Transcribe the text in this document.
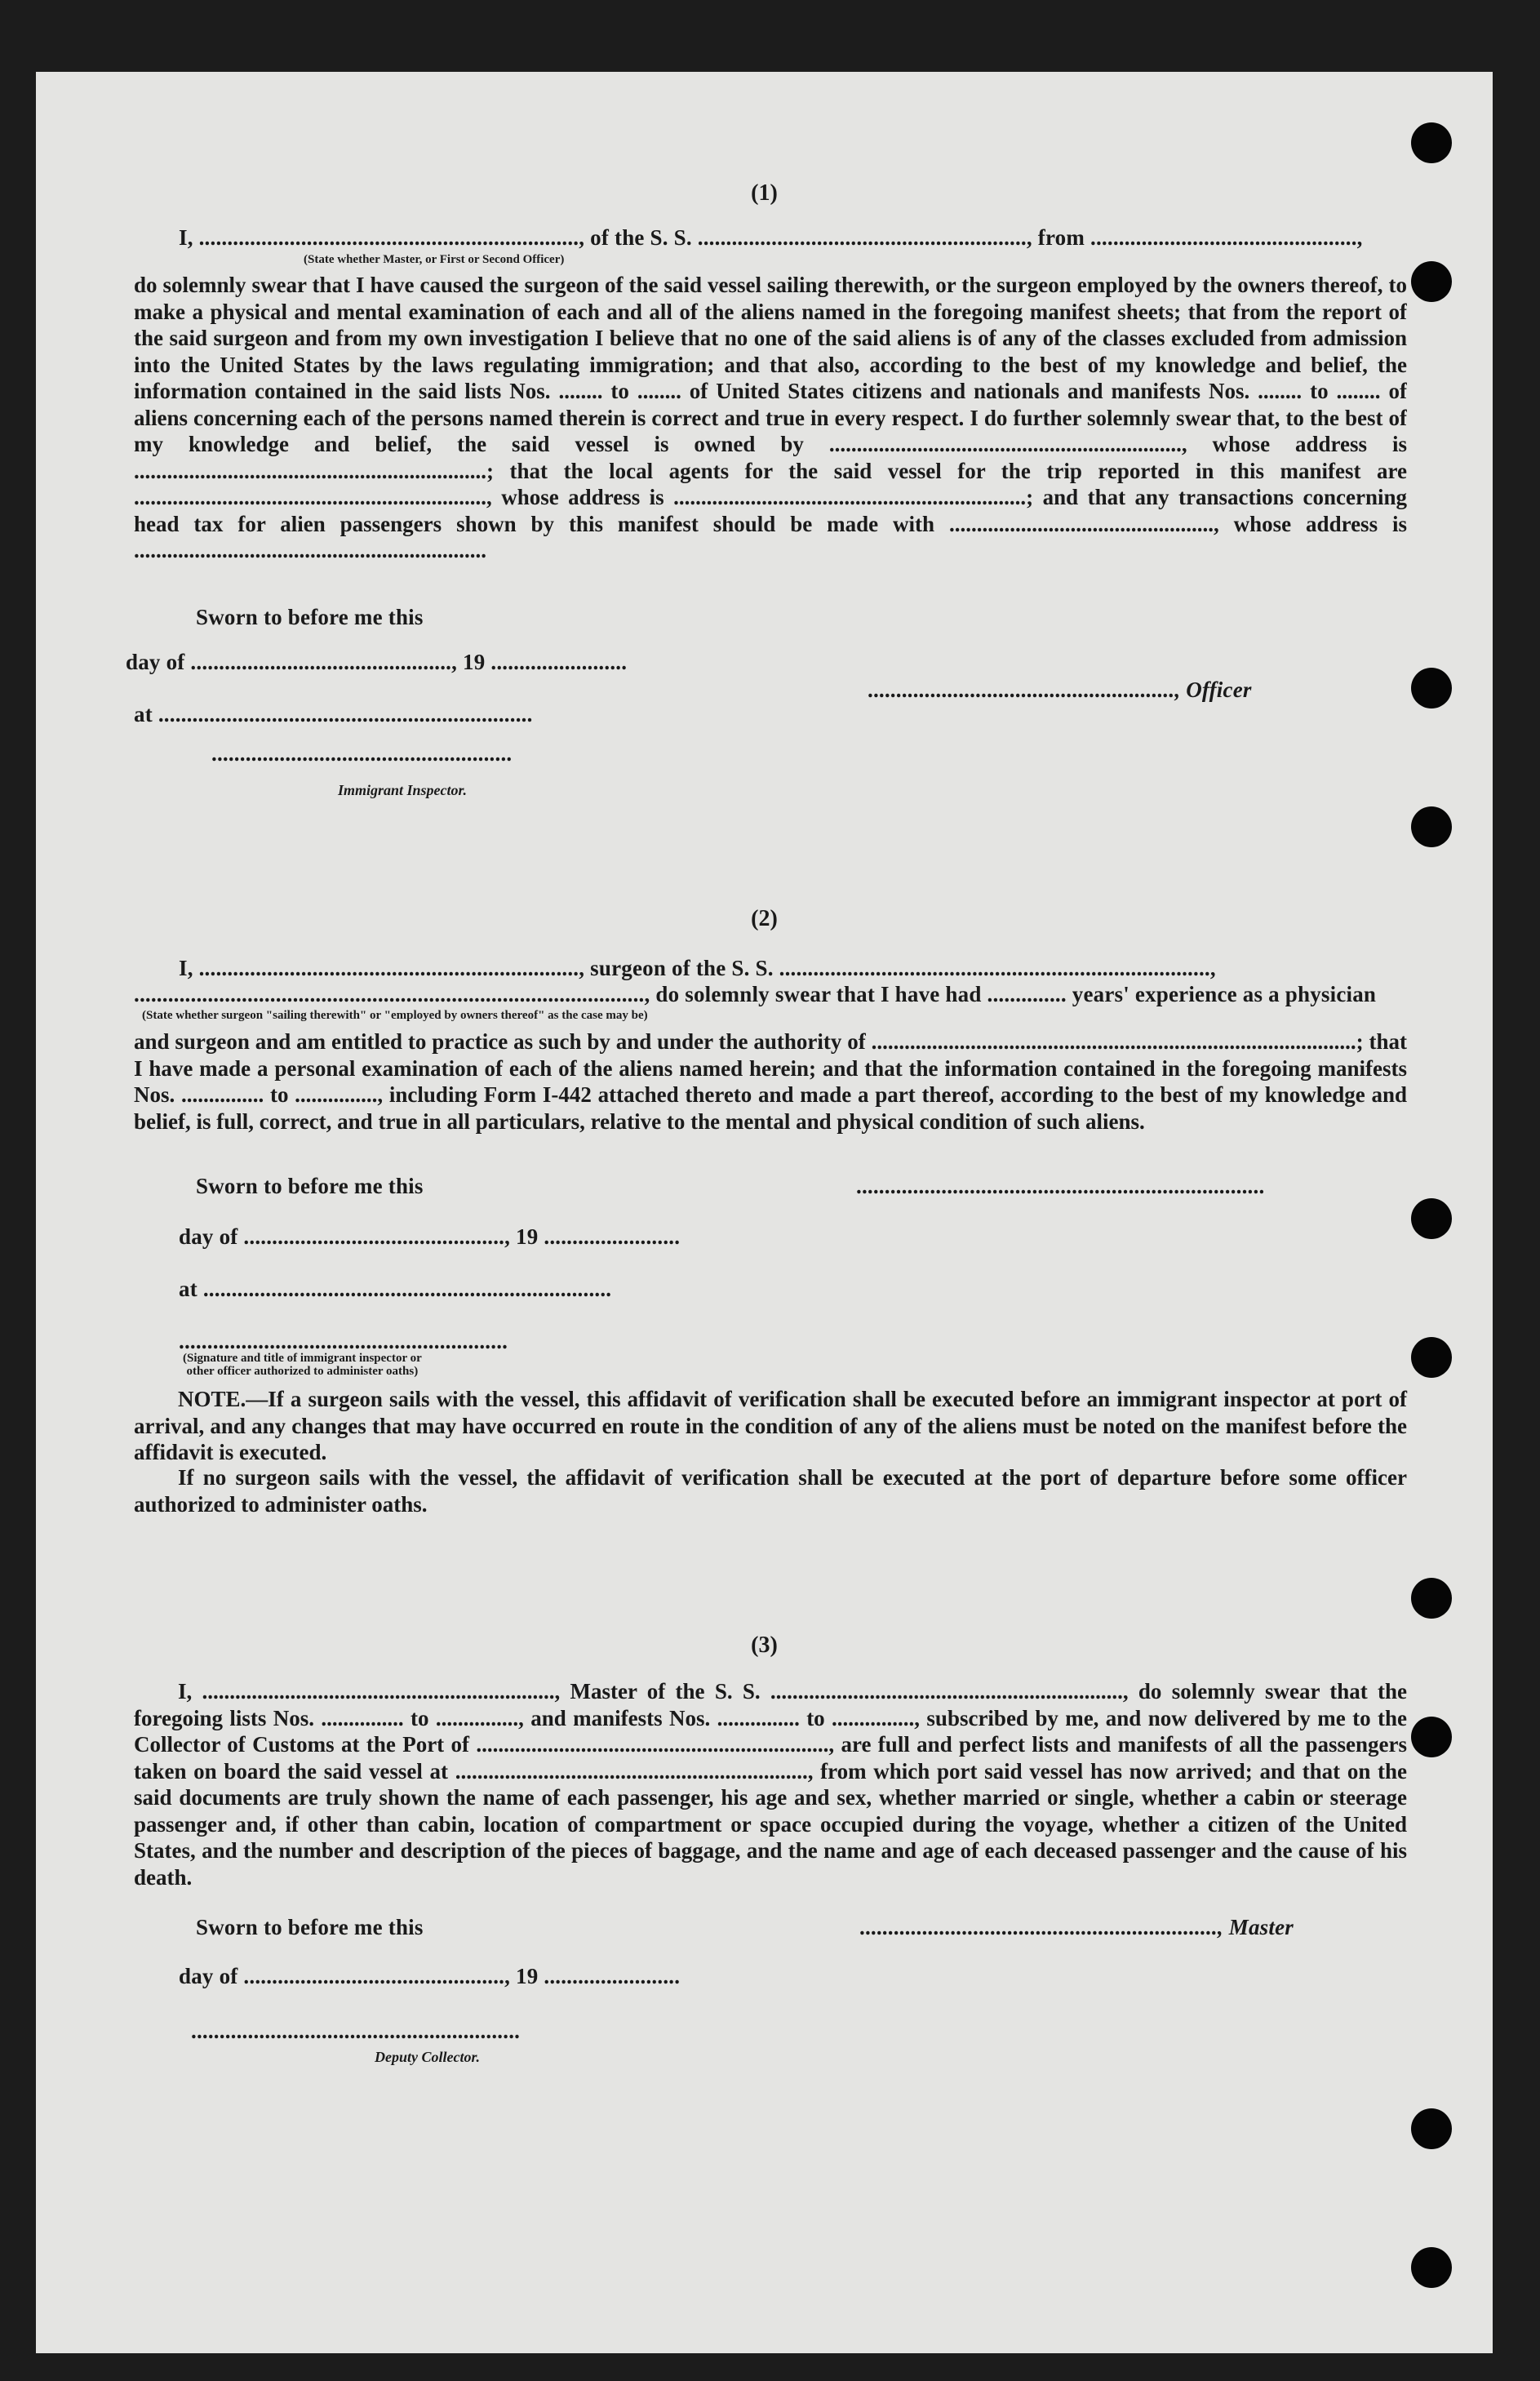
(1)
I, ..................................................................., of the S. S. .........................................................., from ...............................................,
(State whether Master, or First or Second Officer)
do solemnly swear that I have caused the surgeon of the said vessel sailing therewith, or the surgeon employed by the owners thereof, to make a physical and mental examination of each and all of the aliens named in the foregoing manifest sheets; that from the report of the said surgeon and from my own investigation I believe that no one of the said aliens is of any of the classes excluded from admission into the United States by the laws regulating immigration; and that also, according to the best of my knowledge and belief, the information contained in the said lists Nos. ........ to ........ of United States citizens and nationals and manifests Nos. ........ to ........ of aliens concerning each of the persons named therein is correct and true in every respect. I do further solemnly swear that, to the best of my knowledge and belief, the said vessel is owned by ................................................................, whose address is ................................................................; that the local agents for the said vessel for the trip reported in this manifest are ................................................................, whose address is ................................................................; and that any transactions concerning head tax for alien passengers shown by this manifest should be made with ................................................, whose address is ................................................................
Sworn to before me this
day of .............................................., 19 ........................
at ..................................................................
......................................................, Officer
.....................................................
Immigrant Inspector.
(2)
I, ..................................................................., surgeon of the S. S. ............................................................................,
.........................................................................................., do solemnly swear that I have had .............. years' experience as a physician
(State whether surgeon "sailing therewith" or "employed by owners thereof" as the case may be)
and surgeon and am entitled to practice as such by and under the authority of ........................................................................................; that I have made a personal examination of each of the aliens named herein; and that the information contained in the foregoing manifests Nos. ............... to ..............., including Form I-442 attached thereto and made a part thereof, according to the best of my knowledge and belief, is full, correct, and true in all particulars, relative to the mental and physical condition of such aliens.
Sworn to before me this	........................................................................
day of .............................................., 19 ........................
at ........................................................................
..........................................................
(Signature and title of immigrant inspector or
other officer authorized to administer oaths)
NOTE.—If a surgeon sails with the vessel, this affidavit of verification shall be executed before an immigrant inspector at port of arrival, and any changes that may have occurred en route in the condition of any of the aliens must be noted on the manifest before the affidavit is executed.
If no surgeon sails with the vessel, the affidavit of verification shall be executed at the port of departure before some officer authorized to administer oaths.
(3)
I, ................................................................, Master of the S. S. ................................................................, do solemnly swear that the foregoing lists Nos. ............... to ..............., and manifests Nos. ............... to ..............., subscribed by me, and now delivered by me to the Collector of Customs at the Port of ................................................................, are full and perfect lists and manifests of all the passengers taken on board the said vessel at ................................................................, from which port said vessel has now arrived; and that on the said documents are truly shown the name of each passenger, his age and sex, whether married or single, whether a cabin or steerage passenger and, if other than cabin, location of compartment or space occupied during the voyage, whether a citizen of the United States, and the number and description of the pieces of baggage, and the name and age of each deceased passenger and the cause of his death.
Sworn to before me this	..............................................................., Master
day of .............................................., 19 ........................
..........................................................
Deputy Collector.
